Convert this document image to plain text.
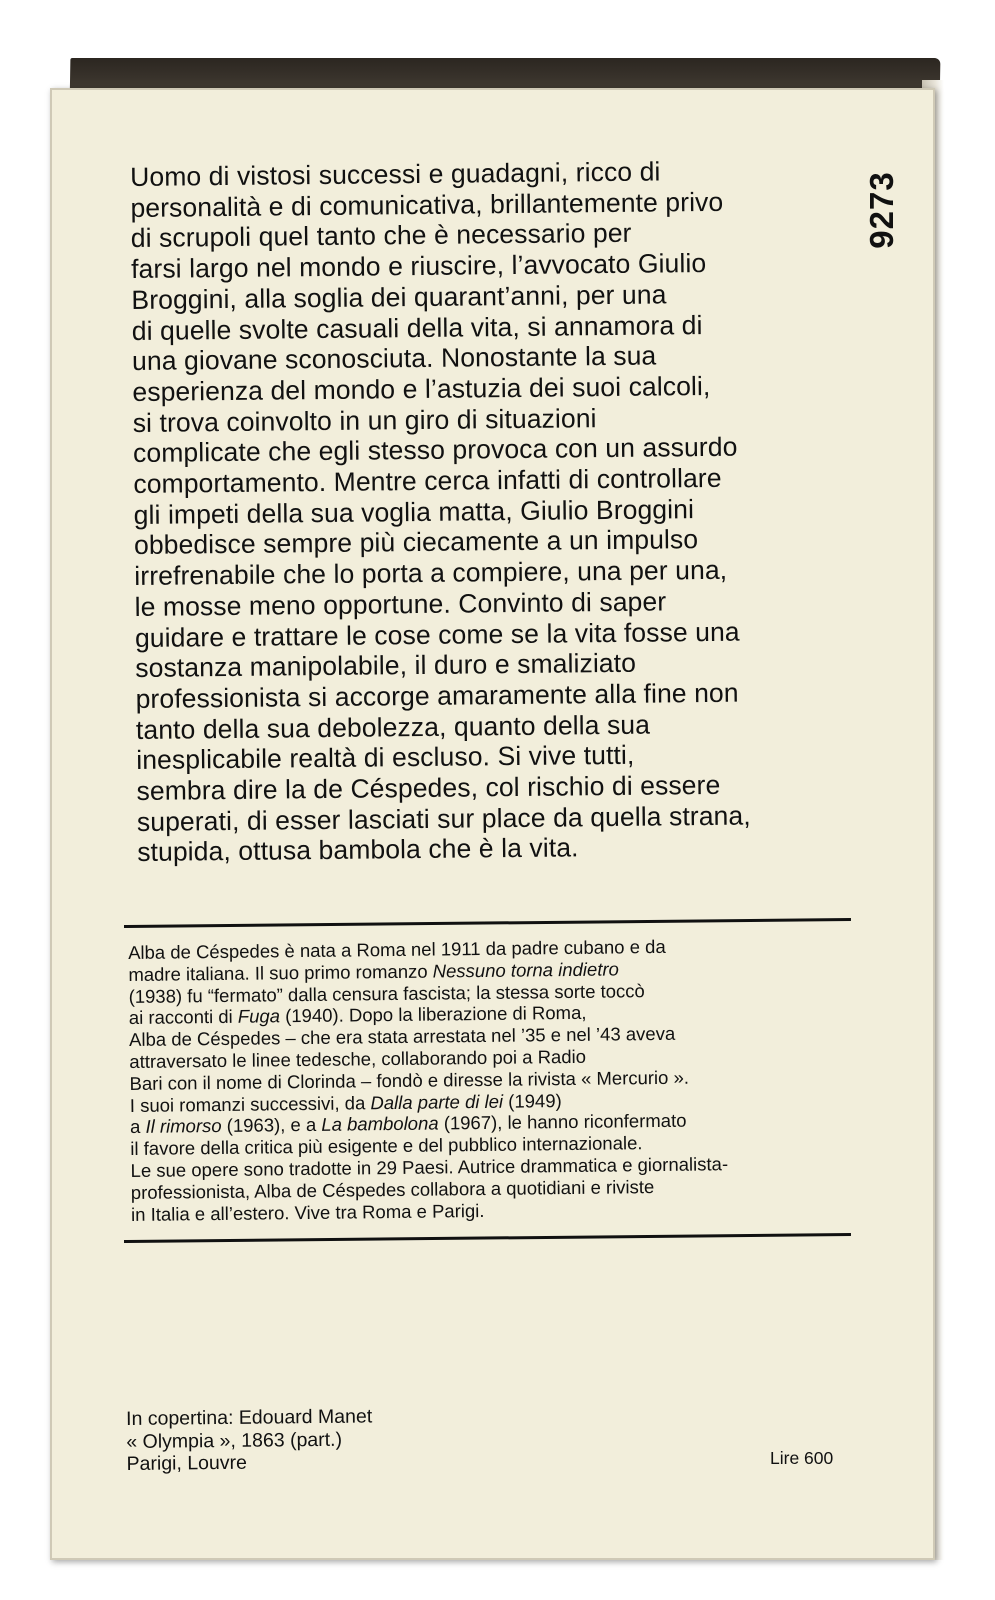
Uomo di vistosi successi e guadagni, ricco di
personalità e di comunicativa, brillantemente privo
di scrupoli quel tanto che è necessario per
farsi largo nel mondo e riuscire, l’avvocato Giulio
Broggini, alla soglia dei quarant’anni, per una
di quelle svolte casuali della vita, si annamora di
una giovane sconosciuta. Nonostante la sua
esperienza del mondo e l’astuzia dei suoi calcoli,
si trova coinvolto in un giro di situazioni
complicate che egli stesso provoca con un assurdo
comportamento. Mentre cerca infatti di controllare
gli impeti della sua voglia matta, Giulio Broggini
obbedisce sempre più ciecamente a un impulso
irrefrenabile che lo porta a compiere, una per una,
le mosse meno opportune. Convinto di saper
guidare e trattare le cose come se la vita fosse una
sostanza manipolabile, il duro e smaliziato
professionista si accorge amaramente alla fine non
tanto della sua debolezza, quanto della sua
inesplicabile realtà di escluso. Si vive tutti,
sembra dire la de Céspedes, col rischio di essere
superati, di esser lasciati sur place da quella strana,
stupida, ottusa bambola che è la vita.
9273
Alba de Céspedes è nata a Roma nel 1911 da padre cubano e da
madre italiana. Il suo primo romanzo Nessuno torna indietro
(1938) fu “fermato” dalla censura fascista; la stessa sorte toccò
ai racconti di Fuga (1940). Dopo la liberazione di Roma,
Alba de Céspedes – che era stata arrestata nel ’35 e nel ’43 aveva
attraversato le linee tedesche, collaborando poi a Radio
Bari con il nome di Clorinda – fondò e diresse la rivista « Mercurio ».
I suoi romanzi successivi, da Dalla parte di lei (1949)
a Il rimorso (1963), e a La bambolona (1967), le hanno riconfermato
il favore della critica più esigente e del pubblico internazionale.
Le sue opere sono tradotte in 29 Paesi. Autrice drammatica e giornalista-
professionista, Alba de Céspedes collabora a quotidiani e riviste
in Italia e all’estero. Vive tra Roma e Parigi.
In copertina: Edouard Manet
« Olympia », 1863 (part.)
Parigi, Louvre	Lire 600
